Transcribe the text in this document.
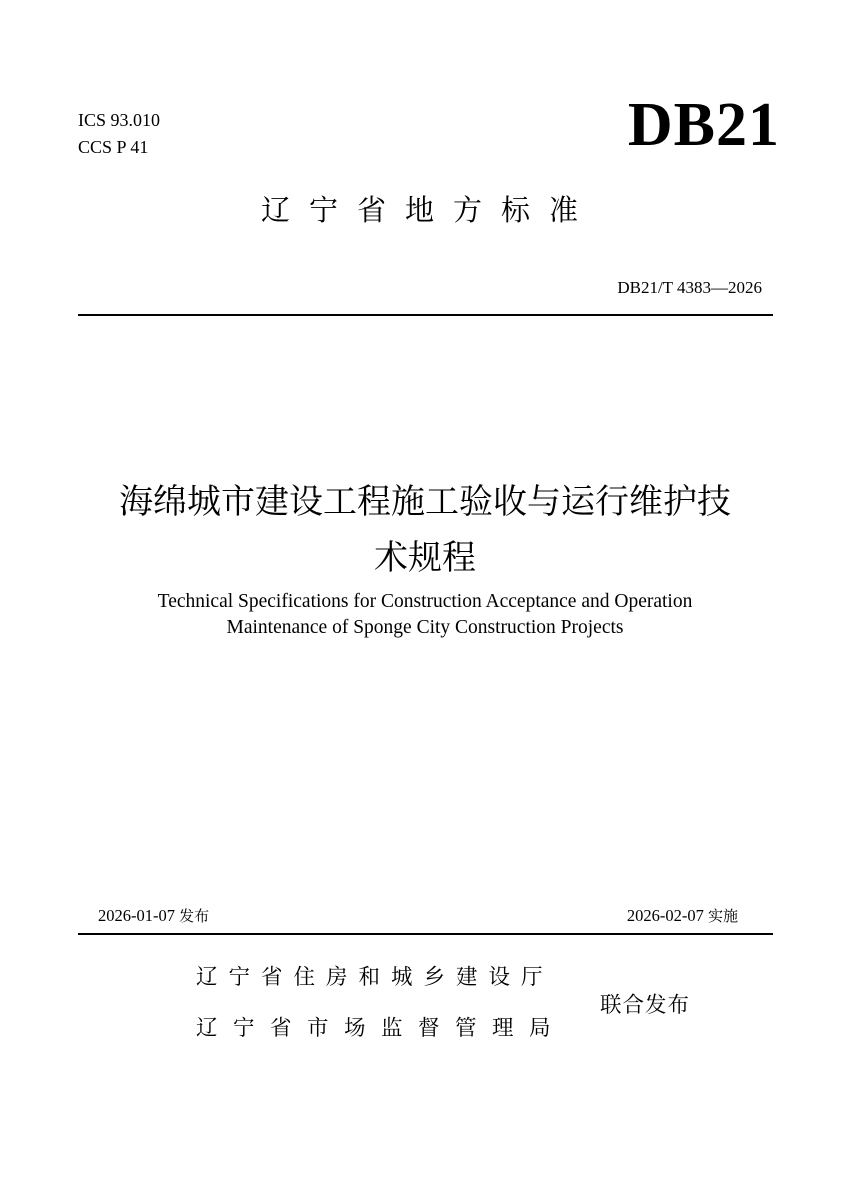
ICS 93.010
CCS P 41	DB21
辽宁省地方标准
DB21/T 4383—2026
海绵城市建设工程施工验收与运行维护技
术规程
Technical Specifications for Construction Acceptance and Operation
Maintenance of Sponge City Construction Projects
2026-01-07 发布	2026-02-07 实施
辽宁省住房和城乡建设厅
辽宁省市场监督管理局
联合发布
